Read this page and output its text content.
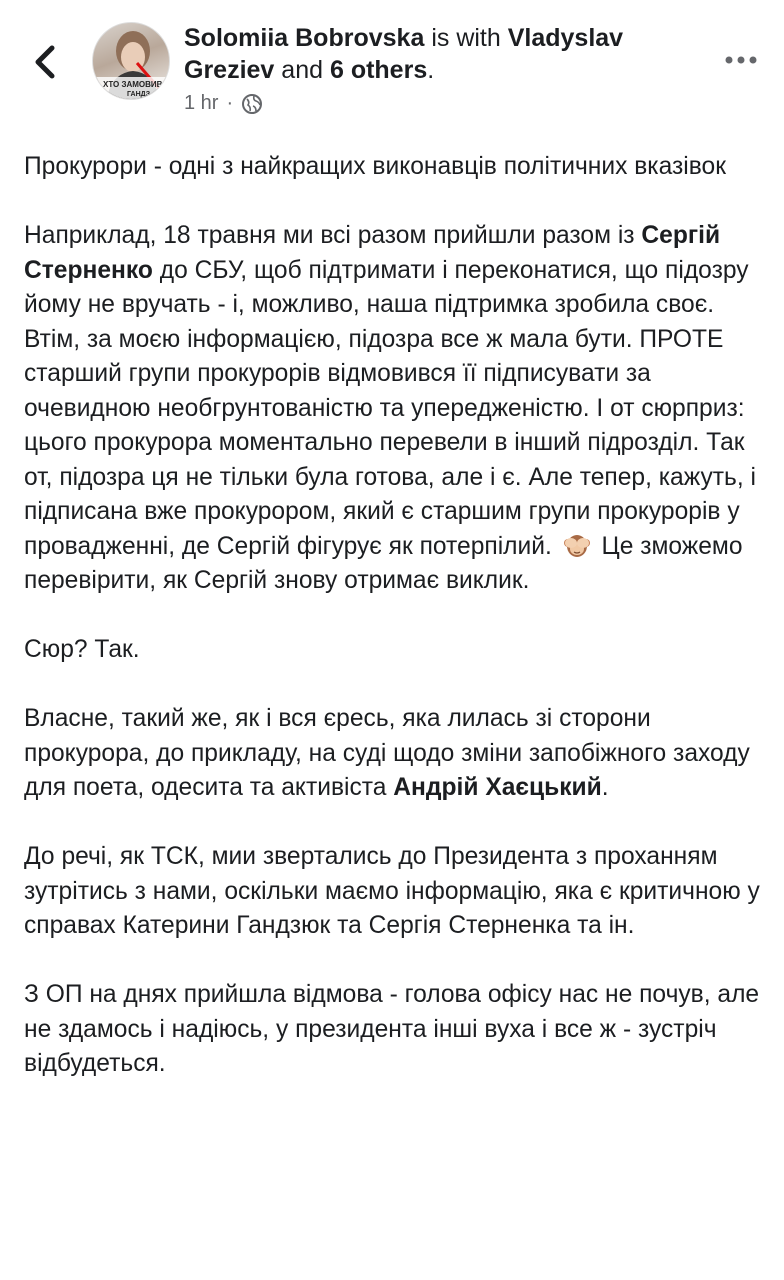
ХТО ЗАМОВИВ
ГАНДЗ
Solomiia Bobrovska is with Vladyslav Greziev and 6 others.
1 hr ·

Прокурори - одні з найкращих виконавців політичних вказівок

Наприклад, 18 травня ми всі разом прийшли разом із Сергій Стерненко до СБУ, щоб підтримати і переконатися, що підозру йому не вручать - і, можливо, наша підтримка зробила своє. Втім, за моєю інформацією, підозра все ж мала бути. ПРОТЕ старший групи прокурорів відмовився її підписувати за очевидною необгрунтованістю та упередженістю. І от сюрприз: цього прокурора моментально перевели в інший підрозділ. Так от, підозра ця не тільки була готова, але і є. Але тепер, кажуть, і підписана вже прокурором, який є старшим групи прокурорів у провадженні, де Сергій фігурує як потерпілий. Це зможемо перевірити, як Сергій знову отримає виклик.

Сюр? Так.

Власне, такий же, як і вся єресь, яка лилась зі сторони прокурора, до прикладу, на суді щодо зміни запобіжного заходу для поета, одесита та активіста Андрій Хаєцький.

До речі, як ТСК, мии звертались до Президента з проханням зутрітись з нами, оскільки маємо інформацію, яка є критичною у справах Катерини Гандзюк та Сергія Стерненка та ін.

З ОП на днях прийшла відмова - голова офісу нас не почув, але не здамось і надіюсь, у президента інші вуха і все ж - зустріч відбудеться.
